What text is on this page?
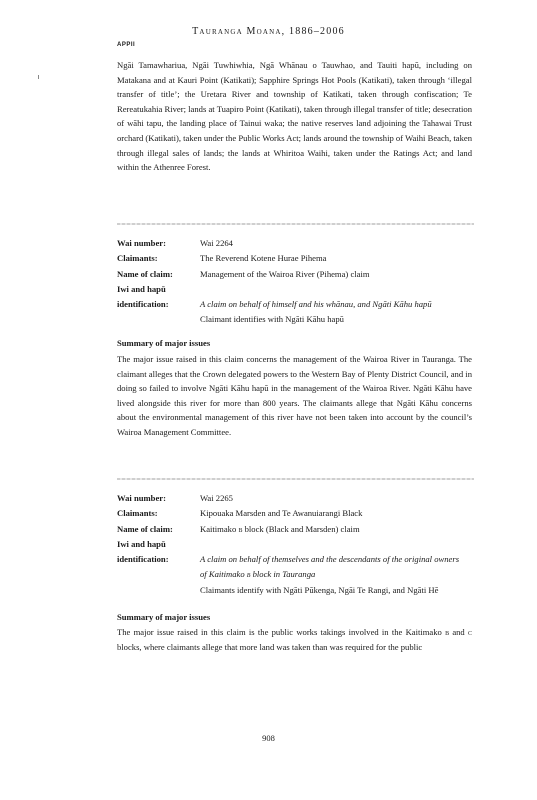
Tauranga Moana, 1886–2006
APPII
Ngāi Tamawhariua, Ngāi Tuwhiwhia, Ngā Whānau o Tauwhao, and Tauiti hapū, including on Matakana and at Kauri Point (Katikati); Sapphire Springs Hot Pools (Katikati), taken through ‘illegal transfer of title’; the Uretara River and township of Katikati, taken through confiscation; Te Rereatukahia River; lands at Tuapiro Point (Katikati), taken through illegal transfer of title; desecration of wāhi tapu, the landing place of Tainui waka; the native reserves land adjoining the Tahawai Trust orchard (Katikati), taken under the Public Works Act; lands around the township of Waihi Beach, taken through illegal sales of lands; the lands at Whiritoa Waihi, taken under the Ratings Act; and land within the Athenree Forest.
Wai number:	Wai 2264
Claimants:	The Reverend Kotene Hurae Pihema
Name of claim:	Management of the Wairoa River (Pihema) claim
Iwi and hapū
identification:	A claim on behalf of himself and his whānau, and Ngāti Kāhu hapū
Claimant identifies with Ngāti Kāhu hapū
Summary of major issues
The major issue raised in this claim concerns the management of the Wairoa River in Tauranga. The claimant alleges that the Crown delegated powers to the Western Bay of Plenty District Council, and in doing so failed to involve Ngāti Kāhu hapū in the management of the Wairoa River. Ngāti Kāhu have lived alongside this river for more than 800 years. The claimants allege that Ngāti Kāhu concerns about the environmental management of this river have not been taken into account by the council’s Wairoa Management Committee.
Wai number:	Wai 2265
Claimants:	Kipouaka Marsden and Te Awanuiarangi Black
Name of claim:	Kaitimako b block (Black and Marsden) claim
Iwi and hapū
identification:	A claim on behalf of themselves and the descendants of the original owners
of Kaitimako b block in Tauranga
Claimants identify with Ngāti Pūkenga, Ngāi Te Rangi, and Ngāti Hē
Summary of major issues
The major issue raised in this claim is the public works takings involved in the Kaitimako b and c blocks, where claimants allege that more land was taken than was required for the public
908
